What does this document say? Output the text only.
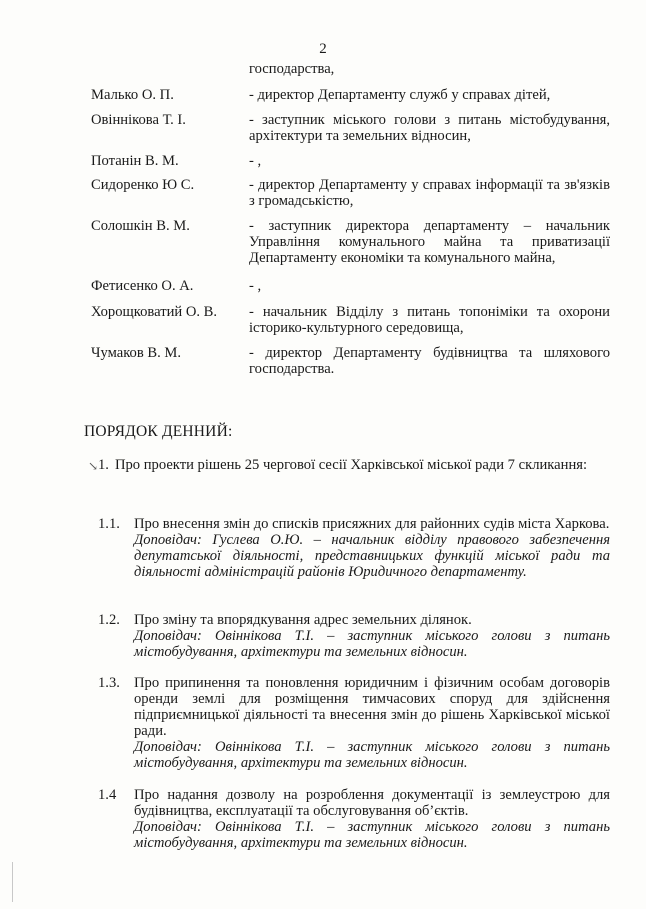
2
господарства,
Малько О. П.	- директор Департаменту служб у справах дітей,
Овіннікова Т. І.	- заступник міського голови з питань містобудування, архітектури та земельних відносин,
Потанін В. М.	- ,
Сидоренко Ю С.	- директор Департаменту у справах інформації та зв'язків з громадськістю,
Солошкін В. М.	- заступник директора департаменту – начальник Управління комунального майна та приватизації Департаменту економіки та комунального майна,
Фетисенко О. А.	- ,
Хорощковатий О. В.	- начальник Відділу з питань топоніміки та охорони історико-культурного середовища,
Чумаков В. М.	- директор Департаменту будівництва та шляхового господарства.
ПОРЯДОК ДЕННИЙ:
↘ 1. Про проекти рішень 25 чергової сесії Харківської міської ради 7 скликання:
1.1. Про внесення змін до списків присяжних для районних судів міста Харкова.
Доповідач: Гуслева О.Ю. – начальник відділу правового забезпечення депутатської діяльності, представницьких функцій міської ради та діяльності адміністрацій районів Юридичного департаменту.
1.2. Про зміну та впорядкування адрес земельних ділянок.
Доповідач: Овіннікова Т.І. – заступник міського голови з питань містобудування, архітектури та земельних відносин.
1.3. Про припинення та поновлення юридичним і фізичним особам договорів оренди землі для розміщення тимчасових споруд для здійснення підприємницької діяльності та внесення змін до рішень Харківської міської ради.
Доповідач: Овіннікова Т.І. – заступник міського голови з питань містобудування, архітектури та земельних відносин.
1.4	Про надання дозволу на розроблення документації із землеустрою для будівництва, експлуатації та обслуговування об’єктів.
Доповідач: Овіннікова Т.І. – заступник міського голови з питань містобудування, архітектури та земельних відносин.
